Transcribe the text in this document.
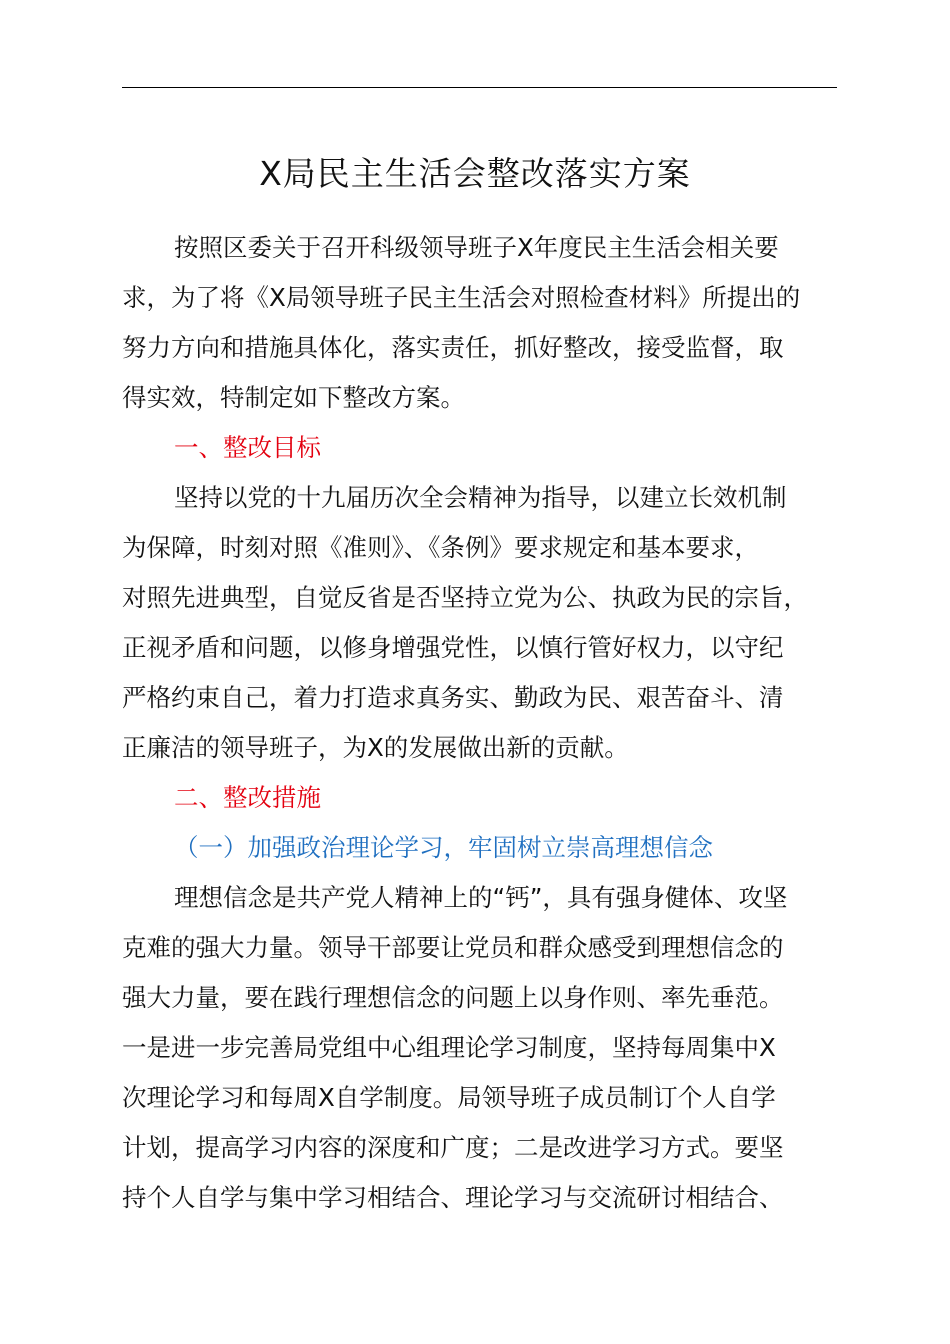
X局民主生活会整改落实方案
按照区委关于召开科级领导班子X年度民主生活会相关要
求，为了将《X局领导班子民主生活会对照检查材料》所提出的
努力方向和措施具体化，落实责任，抓好整改，接受监督，取
得实效，特制定如下整改方案。
一、整改目标
坚持以党的十九届历次全会精神为指导，以建立长效机制
为保障，时刻对照《准则》、《条例》要求规定和基本要求，
对照先进典型，自觉反省是否坚持立党为公、执政为民的宗旨，
正视矛盾和问题，以修身增强党性，以慎行管好权力，以守纪
严格约束自己，着力打造求真务实、勤政为民、艰苦奋斗、清
正廉洁的领导班子，为X的发展做出新的贡献。
二、整改措施
（一）加强政治理论学习，牢固树立崇高理想信念
理想信念是共产党人精神上的“钙”，具有强身健体、攻坚
克难的强大力量。领导干部要让党员和群众感受到理想信念的
强大力量，要在践行理想信念的问题上以身作则、率先垂范。
一是进一步完善局党组中心组理论学习制度，坚持每周集中X
次理论学习和每周X自学制度。局领导班子成员制订个人自学
计划，提高学习内容的深度和广度；二是改进学习方式。要坚
持个人自学与集中学习相结合、理论学习与交流研讨相结合、
